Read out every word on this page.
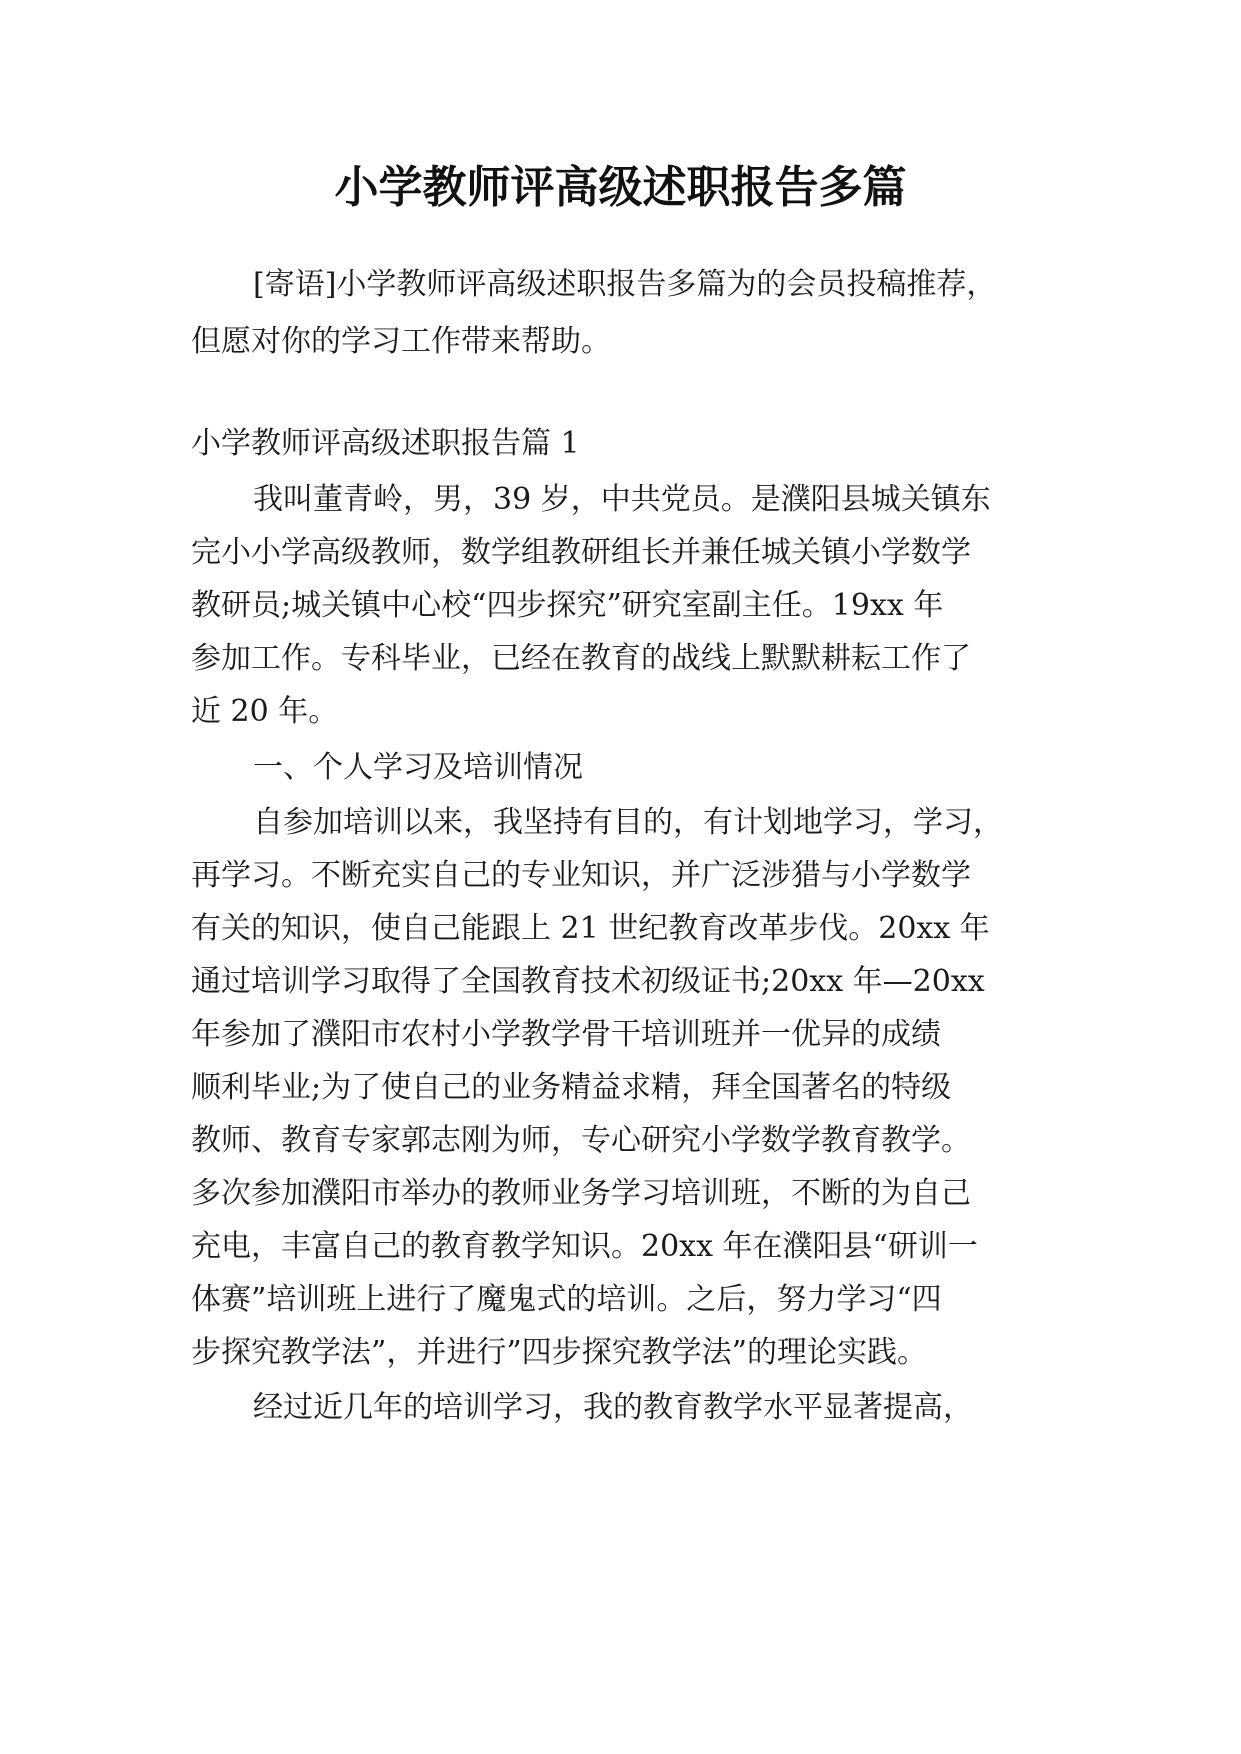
小学教师评高级述职报告多篇

[寄语]小学教师评高级述职报告多篇为的会员投稿推荐，

但愿对你的学习工作带来帮助。

小学教师评高级述职报告篇 1

我叫董青岭，男，39 岁，中共党员。是濮阳县城关镇东

完小小学高级教师，数学组教研组长并兼任城关镇小学数学

教研员;城关镇中心校“四步探究”研究室副主任。19xx 年

参加工作。专科毕业，已经在教育的战线上默默耕耘工作了

近 20 年。

一、个人学习及培训情况

自参加培训以来，我坚持有目的，有计划地学习，学习，

再学习。不断充实自己的专业知识，并广泛涉猎与小学数学

有关的知识，使自己能跟上 21 世纪教育改革步伐。20xx 年

通过培训学习取得了全国教育技术初级证书;20xx 年—20xx

年参加了濮阳市农村小学教学骨干培训班并一优异的成绩

顺利毕业;为了使自己的业务精益求精，拜全国著名的特级

教师、教育专家郭志刚为师，专心研究小学数学教育教学。

多次参加濮阳市举办的教师业务学习培训班，不断的为自己

充电，丰富自己的教育教学知识。20xx 年在濮阳县“研训一

体赛”培训班上进行了魔鬼式的培训。之后，努力学习“四

步探究教学法”，并进行”四步探究教学法”的理论实践。

经过近几年的培训学习，我的教育教学水平显著提高，
